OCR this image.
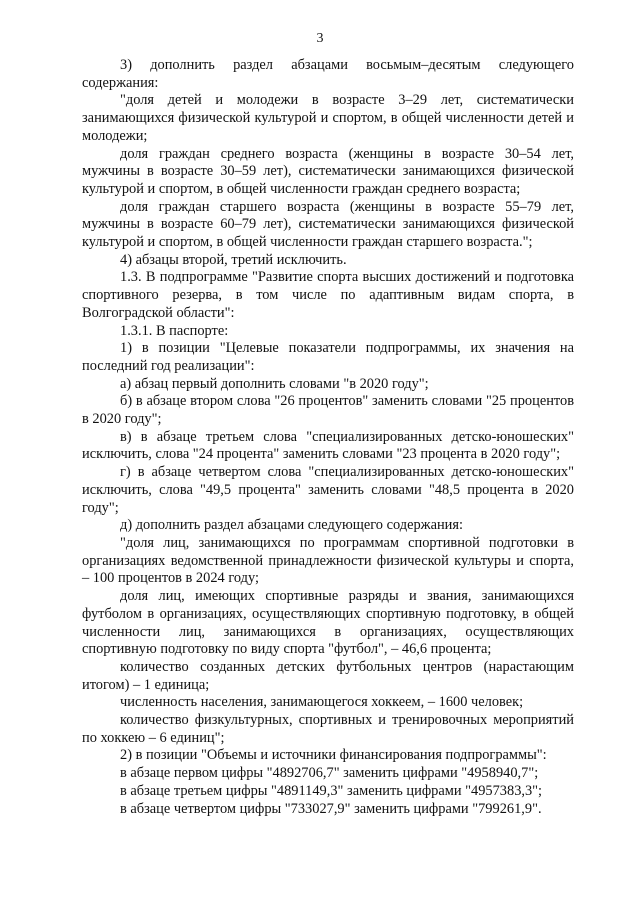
3

3) дополнить раздел абзацами восьмым–десятым следующего содержания:

"доля детей и молодежи в возрасте 3–29 лет, систематически занимающихся физической культурой и спортом, в общей численности детей и молодежи;

доля граждан среднего возраста (женщины в возрасте 30–54 лет, мужчины в возрасте 30–59 лет), систематически занимающихся физической культурой и спортом, в общей численности граждан среднего возраста;

доля граждан старшего возраста (женщины в возрасте 55–79 лет, мужчины в возрасте 60–79 лет), систематически занимающихся физической культурой и спортом, в общей численности граждан старшего возраста.";

4) абзацы второй, третий исключить.

1.3. В подпрограмме "Развитие спорта высших достижений и подготовка спортивного резерва, в том числе по адаптивным видам спорта, в Волгоградской области":

1.3.1. В паспорте:

1) в позиции "Целевые показатели подпрограммы, их значения на последний год реализации":

а) абзац первый дополнить словами "в 2020 году";

б) в абзаце втором слова "26 процентов" заменить словами "25 процентов в 2020 году";

в) в абзаце третьем слова "специализированных детско-юношеских" исключить, слова "24 процента" заменить словами "23 процента в 2020 году";

г) в абзаце четвертом слова "специализированных детско-юношеских" исключить, слова "49,5 процента" заменить словами "48,5 процента в 2020 году";

д) дополнить раздел абзацами следующего содержания:

"доля лиц, занимающихся по программам спортивной подготовки в организациях ведомственной принадлежности физической культуры и спорта, – 100 процентов в 2024 году;

доля лиц, имеющих спортивные разряды и звания, занимающихся футболом в организациях, осуществляющих спортивную подготовку, в общей численности лиц, занимающихся в организациях, осуществляющих спортивную подготовку по виду спорта "футбол", – 46,6 процента;

количество созданных детских футбольных центров (нарастающим итогом) – 1 единица;

численность населения, занимающегося хоккеем, – 1600 человек;

количество физкультурных, спортивных и тренировочных мероприятий по хоккею – 6 единиц";

2) в позиции "Объемы и источники финансирования подпрограммы":

в абзаце первом цифры "4892706,7" заменить цифрами "4958940,7";

в абзаце третьем цифры "4891149,3" заменить цифрами "4957383,3";

в абзаце четвертом цифры "733027,9" заменить цифрами "799261,9".
